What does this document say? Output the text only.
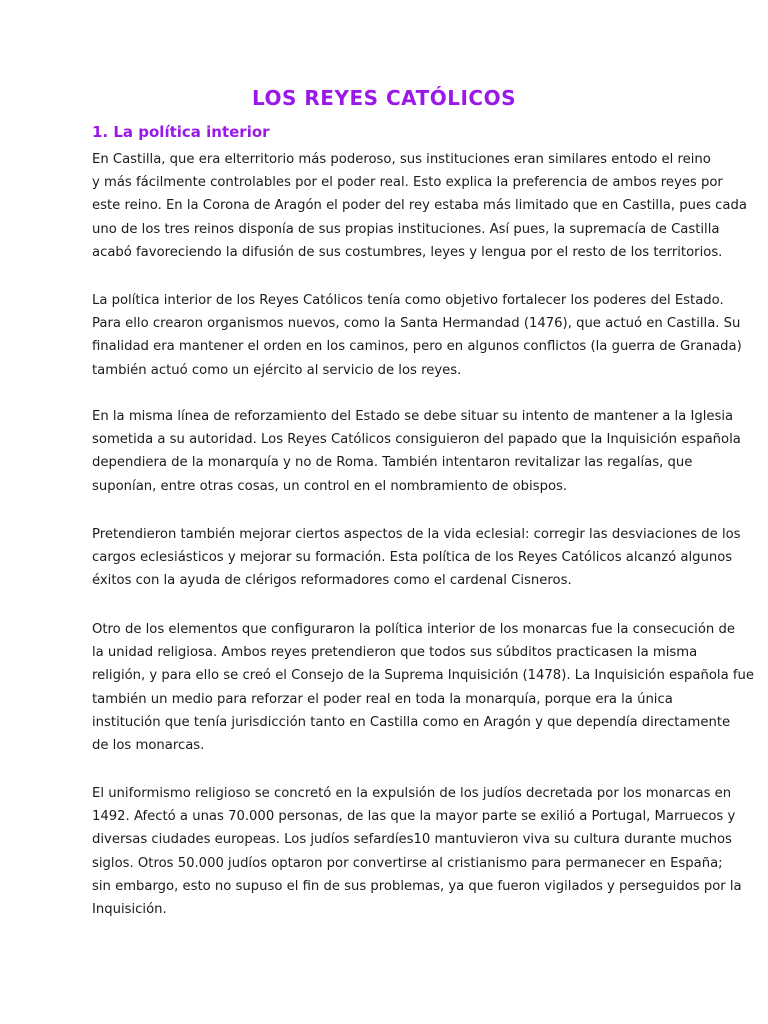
LOS REYES CATÓLICOS
1. La política interior
En Castilla, que era elterritorio más poderoso, sus instituciones eran similares entodo el reino
y más fácilmente controlables por el poder real. Esto explica la preferencia de ambos reyes por
este reino. En la Corona de Aragón el poder del rey estaba más limitado que en Castilla, pues cada
uno de los tres reinos disponía de sus propias instituciones. Así pues, la supremacía de Castilla
acabó favoreciendo la difusión de sus costumbres, leyes y lengua por el resto de los territorios.
La política interior de los Reyes Católicos tenía como objetivo fortalecer los poderes del Estado.
Para ello crearon organismos nuevos, como la Santa Hermandad (1476), que actuó en Castilla. Su
finalidad era mantener el orden en los caminos, pero en algunos conflictos (la guerra de Granada)
también actuó como un ejército al servicio de los reyes.
En la misma línea de reforzamiento del Estado se debe situar su intento de mantener a la Iglesia
sometida a su autoridad. Los Reyes Católicos consiguieron del papado que la Inquisición española
dependiera de la monarquía y no de Roma. También intentaron revitalizar las regalías, que
suponían, entre otras cosas, un control en el nombramiento de obispos.
Pretendieron también mejorar ciertos aspectos de la vida eclesial: corregir las desviaciones de los
cargos eclesiásticos y mejorar su formación. Esta política de los Reyes Católicos alcanzó algunos
éxitos con la ayuda de clérigos reformadores como el cardenal Cisneros.
Otro de los elementos que configuraron la política interior de los monarcas fue la consecución de
la unidad religiosa. Ambos reyes pretendieron que todos sus súbditos practicasen la misma
religión, y para ello se creó el Consejo de la Suprema Inquisición (1478). La Inquisición española fue
también un medio para reforzar el poder real en toda la monarquía, porque era la única
institución que tenía jurisdicción tanto en Castilla como en Aragón y que dependía directamente
de los monarcas.
El uniformismo religioso se concretó en la expulsión de los judíos decretada por los monarcas en
1492. Afectó a unas 70.000 personas, de las que la mayor parte se exilió a Portugal, Marruecos y
diversas ciudades europeas. Los judíos sefardíes10 mantuvieron viva su cultura durante muchos
siglos. Otros 50.000 judíos optaron por convertirse al cristianismo para permanecer en España;
sin embargo, esto no supuso el fin de sus problemas, ya que fueron vigilados y perseguidos por la
Inquisición.
